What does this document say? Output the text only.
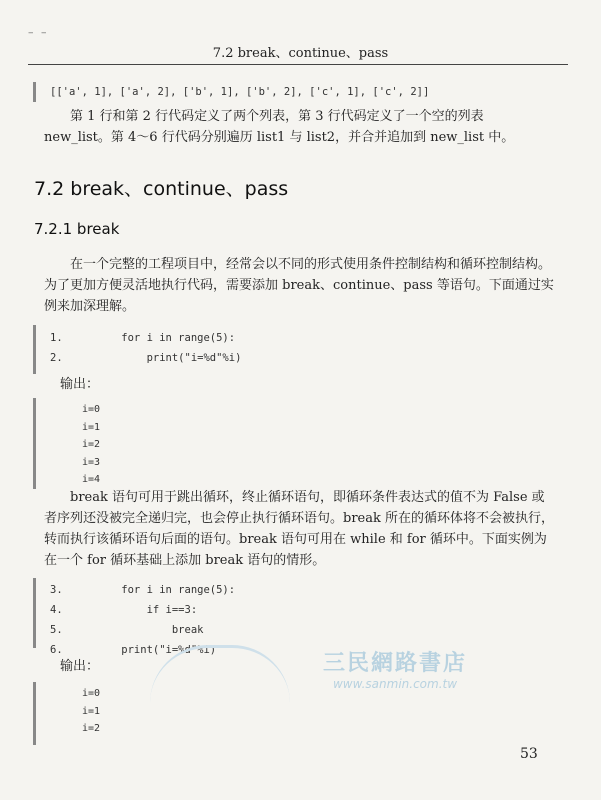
– –
7.2 break、continue、pass
[['a', 1], ['a', 2], ['b', 1], ['b', 2], ['c', 1], ['c', 2]]

第 1 行和第 2 行代码定义了两个列表，第 3 行代码定义了一个空的列表 new_list。第 4～6 行代码分别遍历 list1 与 list2，并合并追加到 new_list 中。

7.2 break、continue、pass
7.2.1 break

在一个完整的工程项目中，经常会以不同的形式使用条件控制结构和循环控制结构。为了更加方便灵活地执行代码，需要添加 break、continue、pass 等语句。下面通过实例来加深理解。

1.	for i in range(5):
2.	print("i=%d"%i)
输出：
i=0
i=1
i=2
i=3
i=4

break 语句可用于跳出循环，终止循环语句，即循环条件表达式的值不为 False 或者序列还没被完全递归完，也会停止执行循环语句。break 所在的循环体将不会被执行，转而执行该循环语句后面的语句。break 语句可用在 while 和 for 循环中。下面实例为在一个 for 循环基础上添加 break 语句的情形。

3.	for i in range(5):
4.	if i==3:
5.	break
6.	print("i=%d"%i)	三民網路書店
www.sanmin.com.tw
输出：
i=0
i=1
i=2
53
